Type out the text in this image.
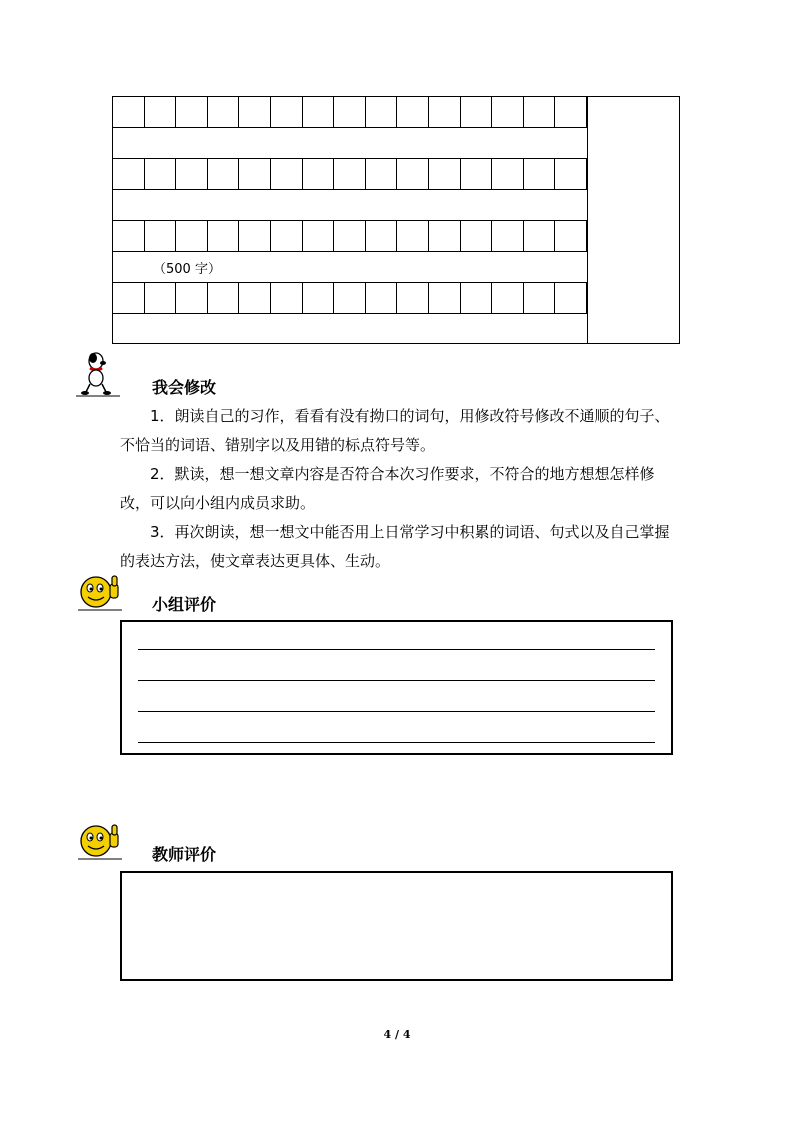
（500 字）
我会修改

1．朗读自己的习作，看看有没有拗口的词句，用修改符号修改不通顺的句子、不恰当的词语、错别字以及用错的标点符号等。

2．默读，想一想文章内容是否符合本次习作要求，不符合的地方想想怎样修改，可以向小组内成员求助。

3．再次朗读，想一想文中能否用上日常学习中积累的词语、句式以及自己掌握的表达方法，使文章表达更具体、生动。

小组评价
教师评价
4 / 4
